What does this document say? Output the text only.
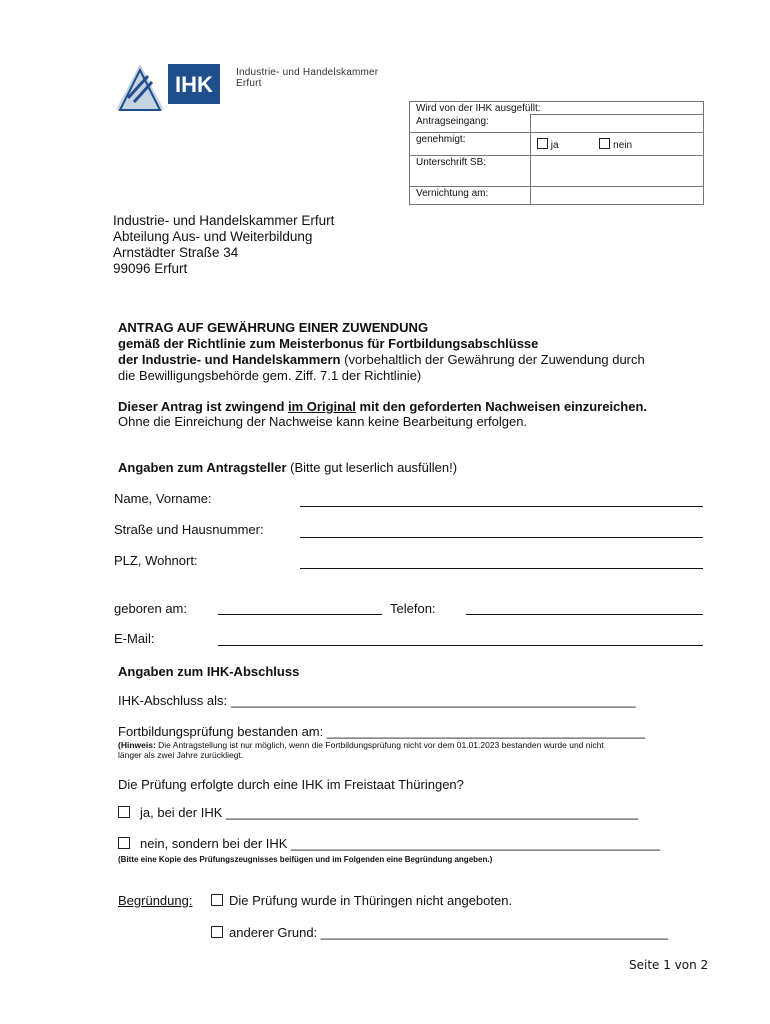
IHK Industrie- und Handelskammer
Erfurt
Wird von der IHK ausgefüllt:	
Antragseingang:	
genehmigt:	ja nein
Unterschrift SB:	
Vernichtung am:	
Industrie- und Handelskammer Erfurt
Abteilung Aus- und Weiterbildung
Arnstädter Straße 34
99096 Erfurt
ANTRAG AUF GEWÄHRUNG EINER ZUWENDUNG
gemäß der Richtlinie zum Meisterbonus für Fortbildungsabschlüsse
der Industrie- und Handelskammern (vorbehaltlich der Gewährung der Zuwendung durch
die Bewilligungsbehörde gem. Ziff. 7.1 der Richtlinie)
Dieser Antrag ist zwingend im Original mit den geforderten Nachweisen einzureichen.
Ohne die Einreichung der Nachweise kann keine Bearbeitung erfolgen.
Angaben zum Antragsteller (Bitte gut leserlich ausfüllen!)
Name, Vorname:
Straße und Hausnummer:
PLZ, Wohnort:
geboren am:	Telefon:
E-Mail:
Angaben zum IHK-Abschluss
IHK-Abschluss als: ________________________________________________________
Fortbildungsprüfung bestanden am: ____________________________________________
(Hinweis: Die Antragstellung ist nur möglich, wenn die Fortbildungsprüfung nicht vor dem 01.01.2023 bestanden wurde und nicht
länger als zwei Jahre zurückliegt.
Die Prüfung erfolgte durch eine IHK im Freistaat Thüringen?
ja, bei der IHK _________________________________________________________
nein, sondern bei der IHK ___________________________________________________
(Bitte eine Kopie des Prüfungszeugnisses beifügen und im Folgenden eine Begründung angeben.)
Begründung:	Die Prüfung wurde in Thüringen nicht angeboten.
anderer Grund: ________________________________________________
Seite 1 von 2
